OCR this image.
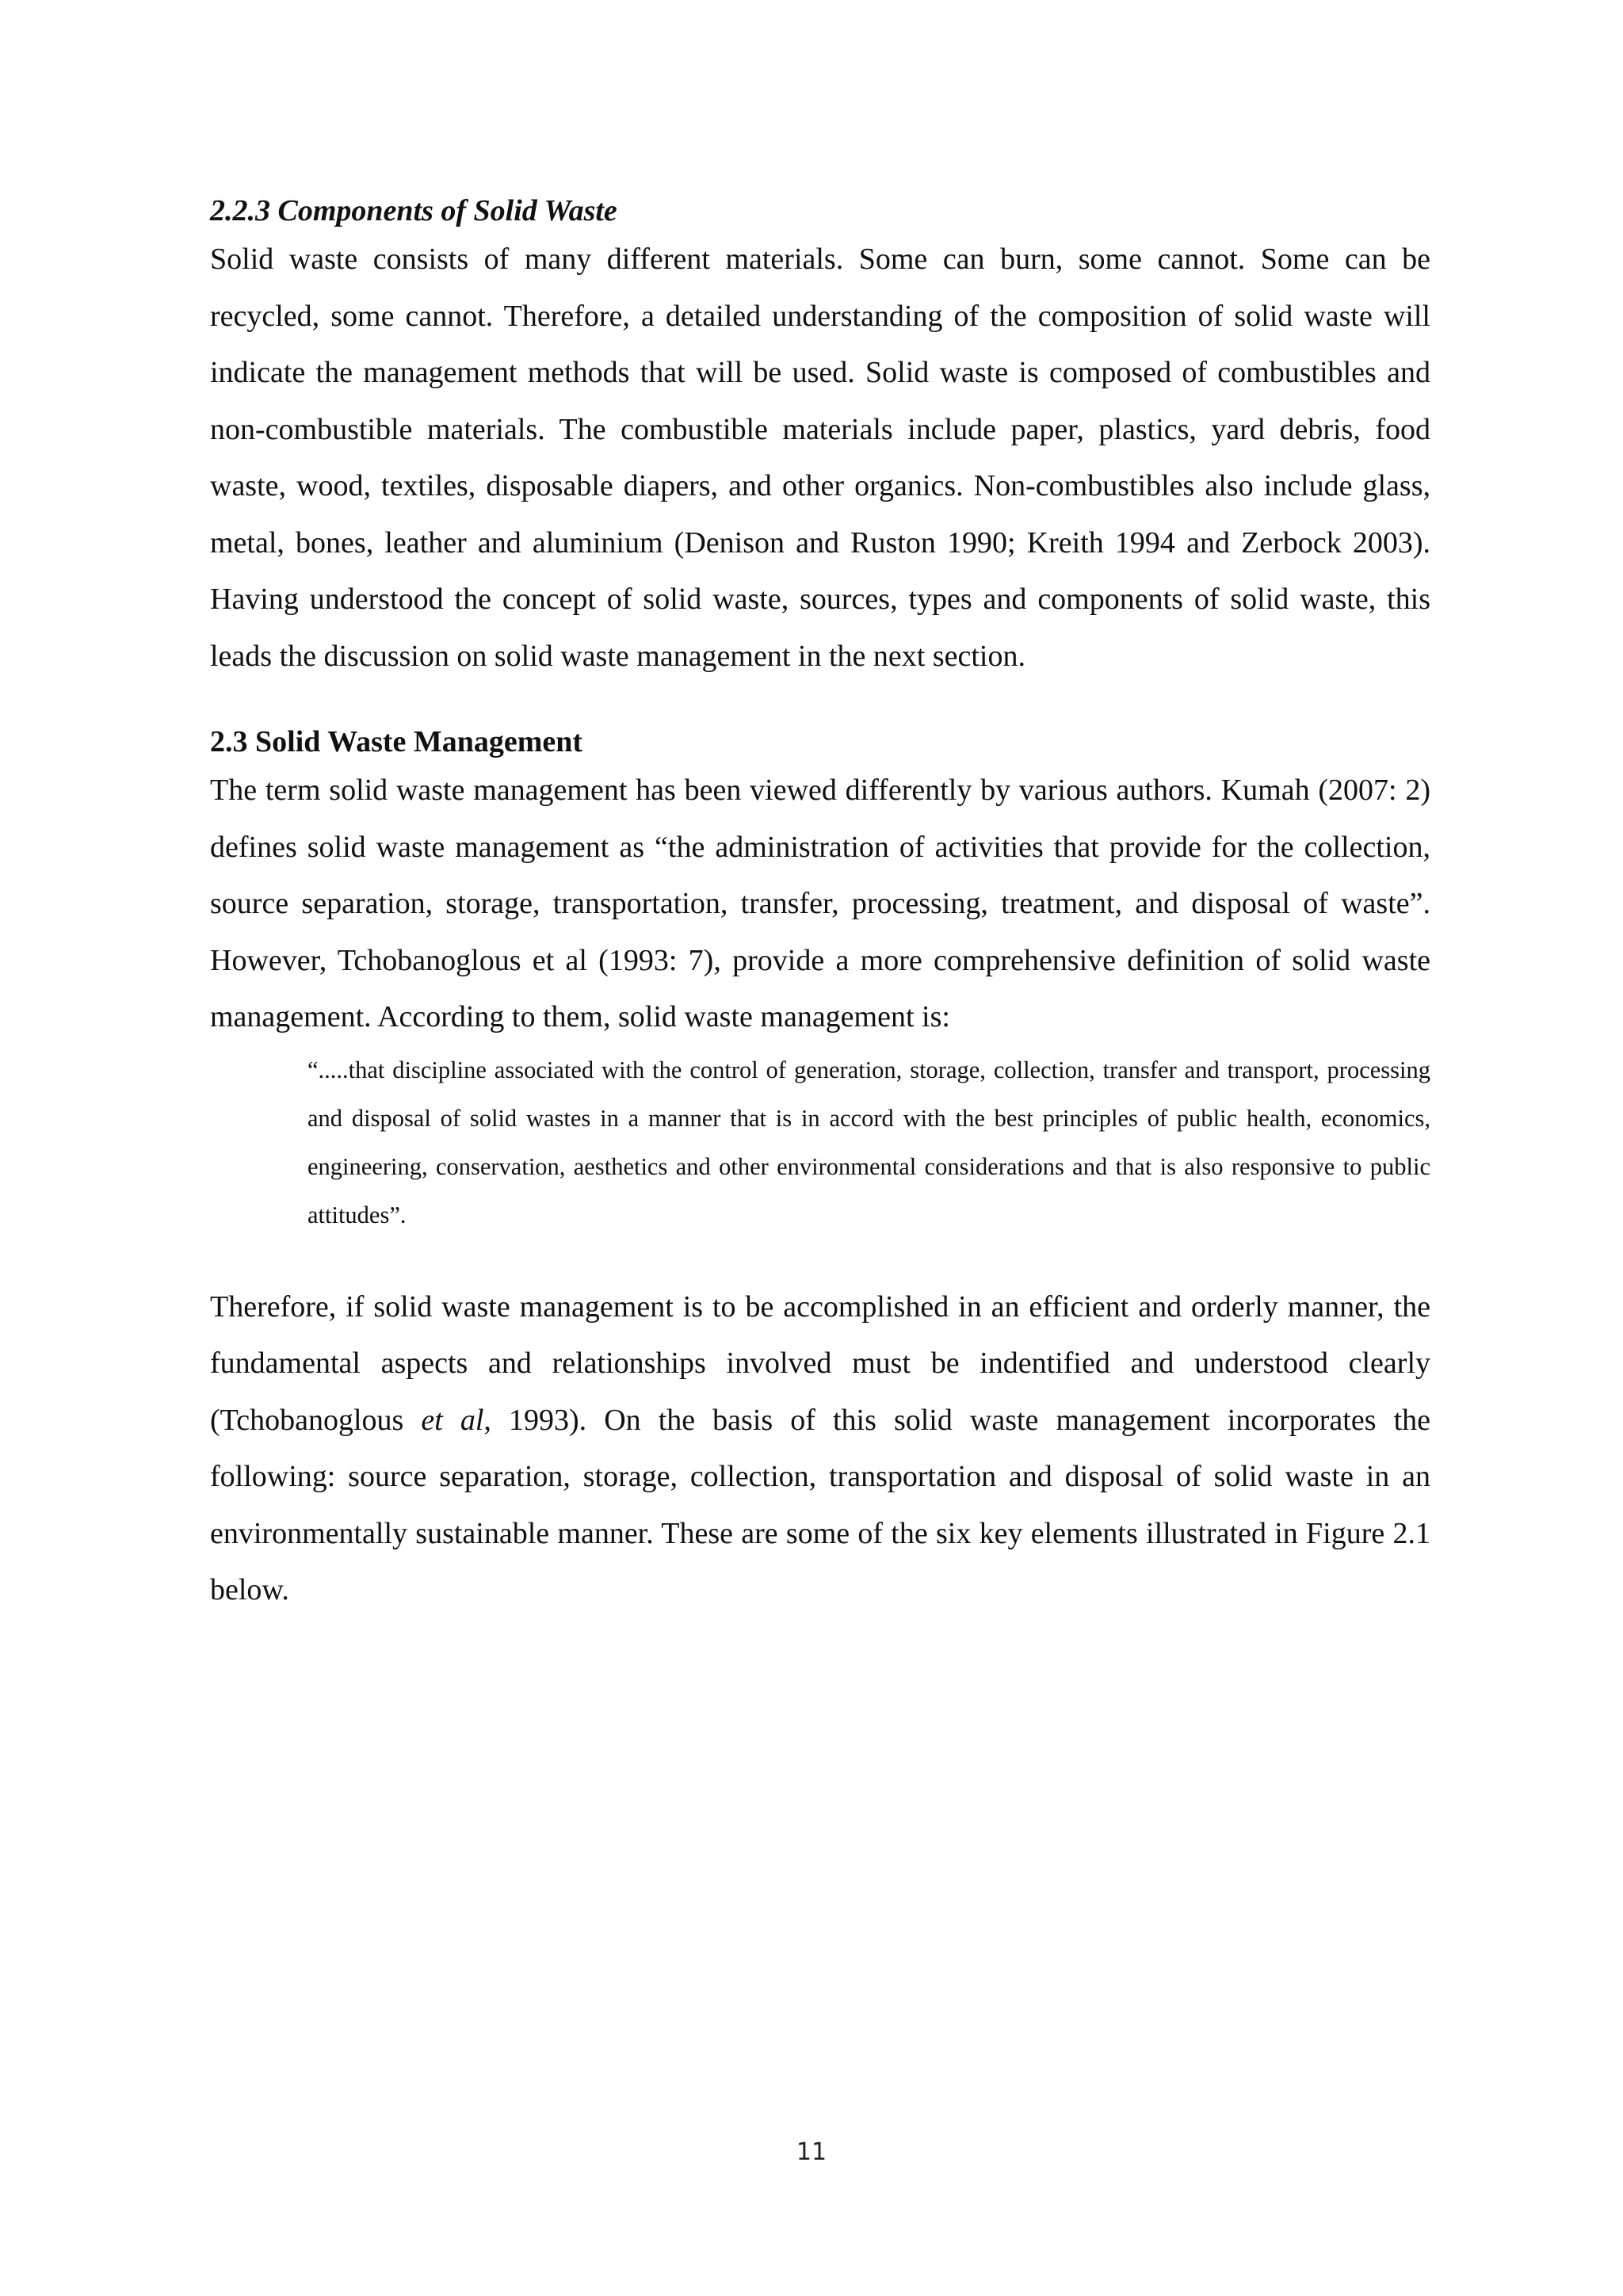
2.2.3 Components of Solid Waste

Solid waste consists of many different materials. Some can burn, some cannot. Some can be recycled, some cannot. Therefore, a detailed understanding of the composition of solid waste will indicate the management methods that will be used. Solid waste is composed of combustibles and non-combustible materials. The combustible materials include paper, plastics, yard debris, food waste, wood, textiles, disposable diapers, and other organics. Non-combustibles also include glass, metal, bones, leather and aluminium (Denison and Ruston 1990; Kreith 1994 and Zerbock 2003). Having understood the concept of solid waste, sources, types and components of solid waste, this leads the discussion on solid waste management in the next section.

2.3 Solid Waste Management

The term solid waste management has been viewed differently by various authors. Kumah (2007: 2) defines solid waste management as “the administration of activities that provide for the collection, source separation, storage, transportation, transfer, processing, treatment, and disposal of waste”. However, Tchobanoglous et al (1993: 7), provide a more comprehensive definition of solid waste management. According to them, solid waste management is:

“.....that discipline associated with the control of generation, storage, collection, transfer and transport, processing and disposal of solid wastes in a manner that is in accord with the best principles of public health, economics, engineering, conservation, aesthetics and other environmental considerations and that is also responsive to public attitudes”.

Therefore, if solid waste management is to be accomplished in an efficient and orderly manner, the fundamental aspects and relationships involved must be indentified and understood clearly (Tchobanoglous et al, 1993). On the basis of this solid waste management incorporates the following: source separation, storage, collection, transportation and disposal of solid waste in an environmentally sustainable manner. These are some of the six key elements illustrated in Figure 2.1 below.

11
